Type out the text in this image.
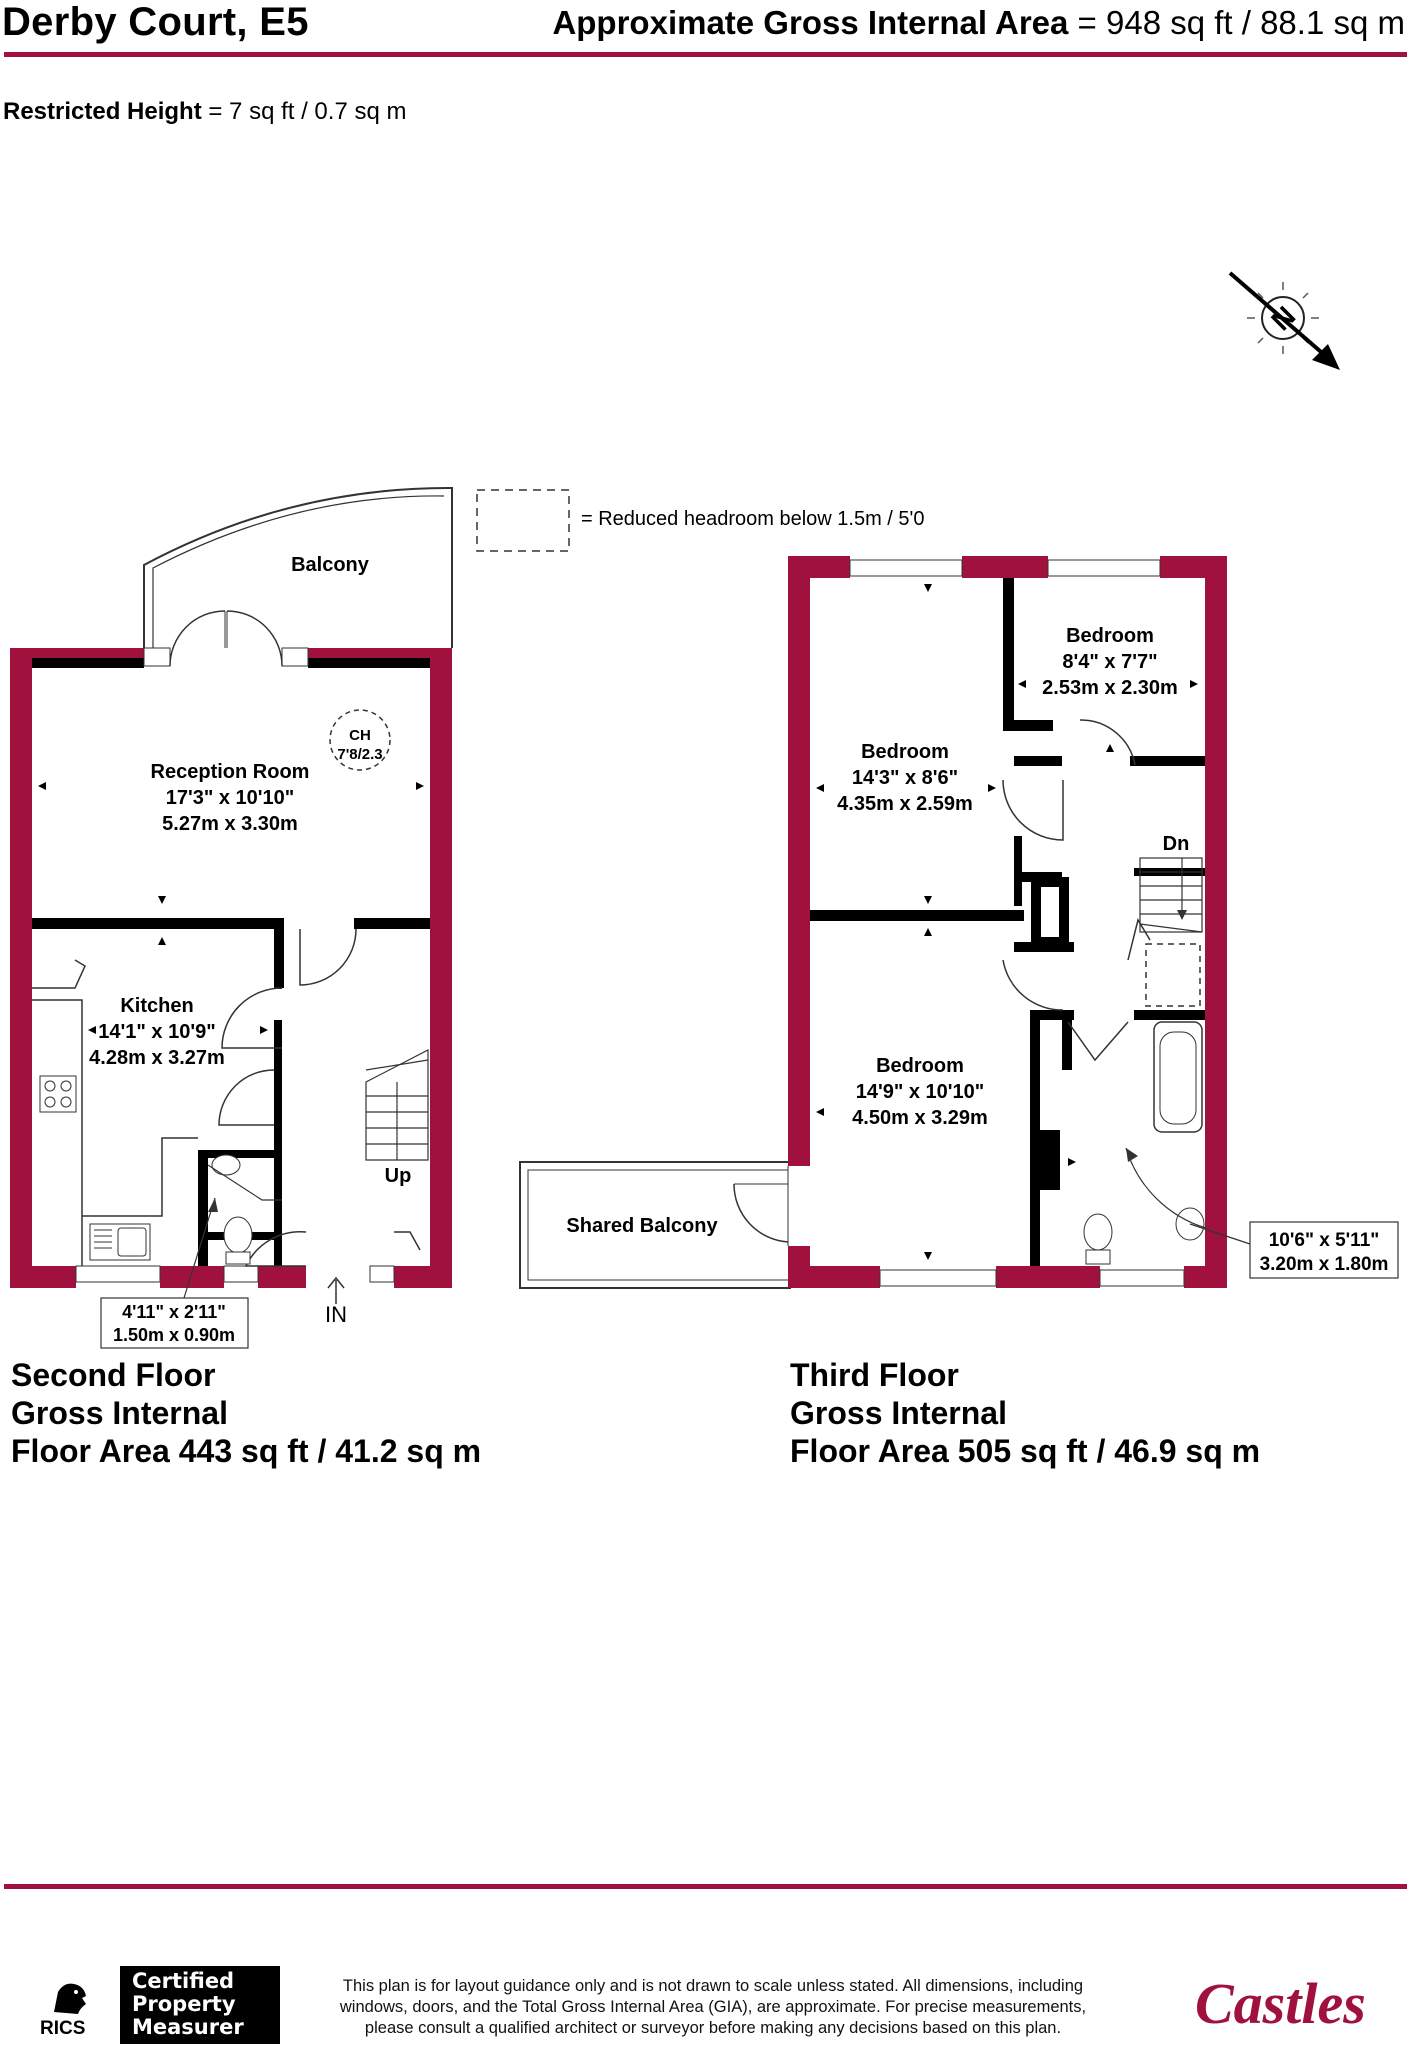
Derby Court, E5	Approximate Gross Internal Area = 948 sq ft / 88.1 sq m
Restricted Height = 7 sq ft / 0.7 sq m
N
= Reduced headroom below 1.5m / 5'0
Balcony
CH
7'8/2.3
Reception Room
17'3" x 10'10"
5.27m x 3.30m
Kitchen
14'1" x 10'9"
4.28m x 3.27m
Up
IN
4'11" x 2'11"
1.50m x 0.90m
Shared Balcony
Bedroom
14'3" x 8'6"
4.35m x 2.59m
Bedroom
8'4" x 7'7"
2.53m x 2.30m
Bedroom
14'9" x 10'10"
4.50m x 3.29m
Dn
10'6" x 5'11"
3.20m x 1.80m
Second Floor
Gross Internal
Floor Area 443 sq ft / 41.2 sq m
Third Floor
Gross Internal
Floor Area 505 sq ft / 46.9 sq m
RICS
Certified
Property
Measurer
This plan is for layout guidance only and is not drawn to scale unless stated. All dimensions, including windows, doors, and the Total Gross Internal Area (GIA), are approximate. For precise measurements, please consult a qualified architect or surveyor before making any decisions based on this plan.	Castles
